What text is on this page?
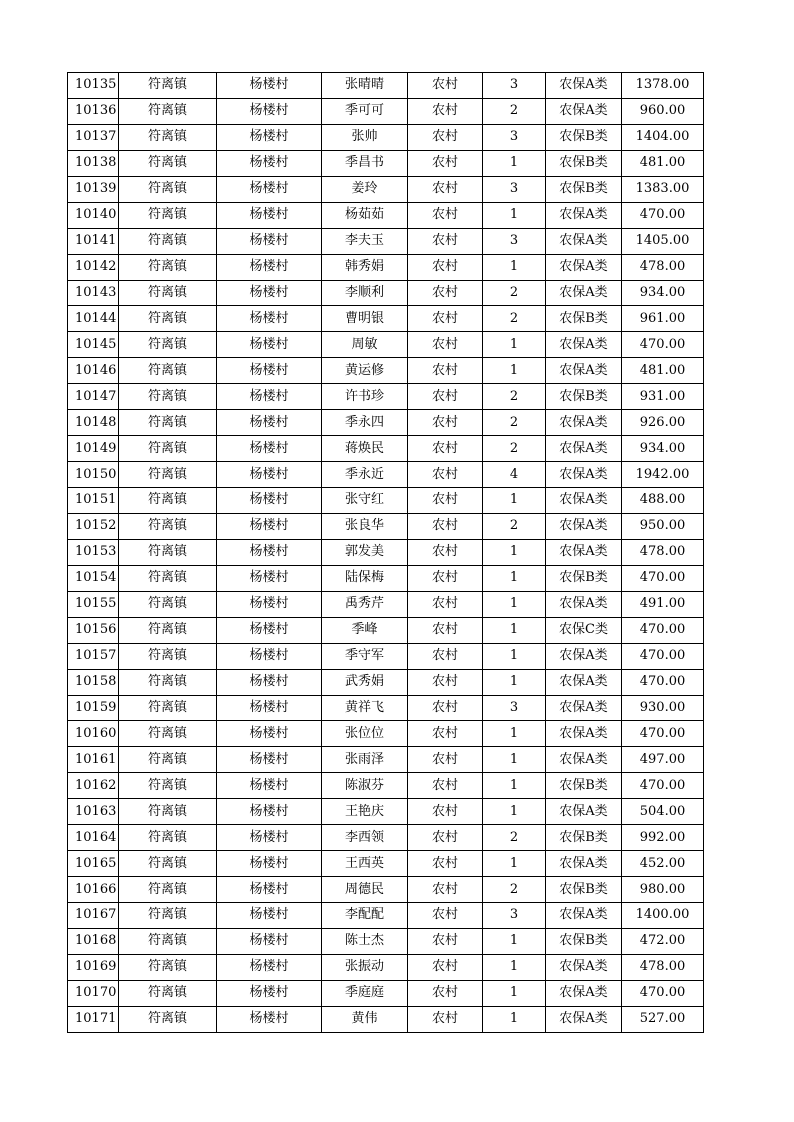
10135	符离镇	杨楼村	张晴晴	农村	3	农保A类	1378.00
10136	符离镇	杨楼村	季可可	农村	2	农保A类	960.00
10137	符离镇	杨楼村	张帅	农村	3	农保B类	1404.00
10138	符离镇	杨楼村	季昌书	农村	1	农保B类	481.00
10139	符离镇	杨楼村	姜玲	农村	3	农保B类	1383.00
10140	符离镇	杨楼村	杨茹茹	农村	1	农保A类	470.00
10141	符离镇	杨楼村	李夫玉	农村	3	农保A类	1405.00
10142	符离镇	杨楼村	韩秀娟	农村	1	农保A类	478.00
10143	符离镇	杨楼村	李顺利	农村	2	农保A类	934.00
10144	符离镇	杨楼村	曹明银	农村	2	农保B类	961.00
10145	符离镇	杨楼村	周敏	农村	1	农保A类	470.00
10146	符离镇	杨楼村	黄运修	农村	1	农保A类	481.00
10147	符离镇	杨楼村	许书珍	农村	2	农保B类	931.00
10148	符离镇	杨楼村	季永四	农村	2	农保A类	926.00
10149	符离镇	杨楼村	蒋焕民	农村	2	农保A类	934.00
10150	符离镇	杨楼村	季永近	农村	4	农保A类	1942.00
10151	符离镇	杨楼村	张守红	农村	1	农保A类	488.00
10152	符离镇	杨楼村	张良华	农村	2	农保A类	950.00
10153	符离镇	杨楼村	郭发美	农村	1	农保A类	478.00
10154	符离镇	杨楼村	陆保梅	农村	1	农保B类	470.00
10155	符离镇	杨楼村	禹秀芹	农村	1	农保A类	491.00
10156	符离镇	杨楼村	季峰	农村	1	农保C类	470.00
10157	符离镇	杨楼村	季守军	农村	1	农保A类	470.00
10158	符离镇	杨楼村	武秀娟	农村	1	农保A类	470.00
10159	符离镇	杨楼村	黄祥飞	农村	3	农保A类	930.00
10160	符离镇	杨楼村	张位位	农村	1	农保A类	470.00
10161	符离镇	杨楼村	张雨泽	农村	1	农保A类	497.00
10162	符离镇	杨楼村	陈淑芬	农村	1	农保B类	470.00
10163	符离镇	杨楼村	王艳庆	农村	1	农保A类	504.00
10164	符离镇	杨楼村	李西领	农村	2	农保B类	992.00
10165	符离镇	杨楼村	王西英	农村	1	农保A类	452.00
10166	符离镇	杨楼村	周德民	农村	2	农保B类	980.00
10167	符离镇	杨楼村	李配配	农村	3	农保A类	1400.00
10168	符离镇	杨楼村	陈士杰	农村	1	农保B类	472.00
10169	符离镇	杨楼村	张振动	农村	1	农保A类	478.00
10170	符离镇	杨楼村	季庭庭	农村	1	农保A类	470.00
10171	符离镇	杨楼村	黄伟	农村	1	农保A类	527.00
